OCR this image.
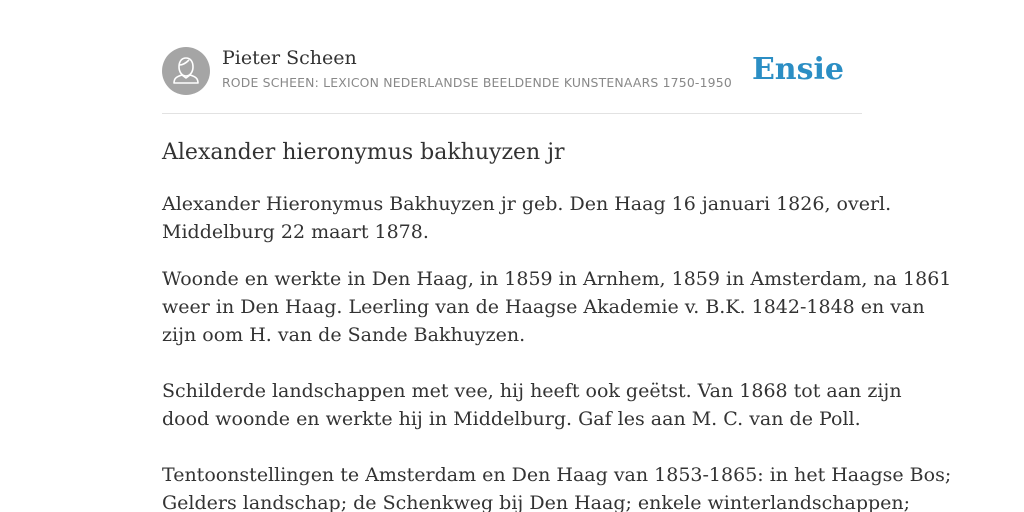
Pieter Scheen
RODE SCHEEN: LEXICON NEDERLANDSE BEELDENDE KUNSTENAARS 1750-1950 Ensie
Alexander hieronymus bakhuyzen jr

Alexander Hieronymus Bakhuyzen jr geb. Den Haag 16 januari 1826, overl.

Middelburg 22 maart 1878.

Woonde en werkte in Den Haag, in 1859 in Arnhem, 1859 in Amsterdam, na 1861

weer in Den Haag. Leerling van de Haagse Akademie v. B.K. 1842-1848 en van

zijn oom H. van de Sande Bakhuyzen.

Schilderde landschappen met vee, hij heeft ook geëtst. Van 1868 tot aan zijn

dood woonde en werkte hij in Middelburg. Gaf les aan M. C. van de Poll.

Tentoonstellingen te Amsterdam en Den Haag van 1853-1865: in het Haagse Bos;

Gelders landschap; de Schenkweg bij Den Haag; enkele winterlandschappen;
